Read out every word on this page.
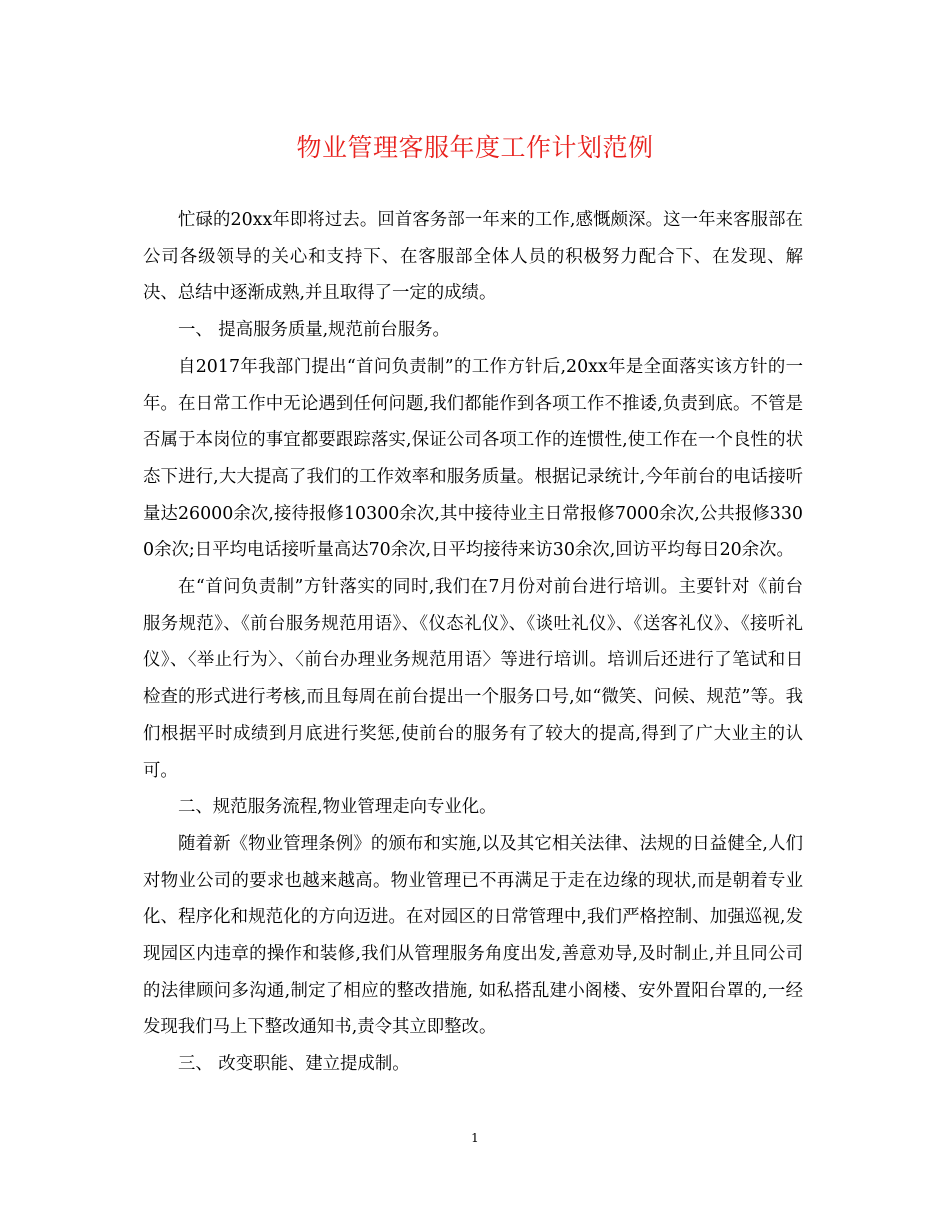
物业管理客服年度工作计划范例

忙碌的20xx年即将过去。回首客务部一年来的工作,感慨颇深。这一年来客服部在公司各级领导的关心和支持下、在客服部全体人员的积极努力配合下、在发现、解决、总结中逐渐成熟,并且取得了一定的成绩。

一、 提高服务质量,规范前台服务。

自2017年我部门提出“首问负责制”的工作方针后,20xx年是全面落实该方针的一年。在日常工作中无论遇到任何问题,我们都能作到各项工作不推诿,负责到底。不管是否属于本岗位的事宜都要跟踪落实,保证公司各项工作的连惯性,使工作在一个良性的状态下进行,大大提高了我们的工作效率和服务质量。根据记录统计,今年前台的电话接听量达26000余次,接待报修10300余次,其中接待业主日常报修7000余次,公共报修3300余次;日平均电话接听量高达70余次,日平均接待来访30余次,回访平均每日20余次。

在“首问负责制”方针落实的同时,我们在7月份对前台进行培训。主要针对《前台服务规范》、《前台服务规范用语》、《仪态礼仪》、《谈吐礼仪》、《送客礼仪》、《接听礼仪》、〈举止行为〉、〈前台办理业务规范用语〉等进行培训。培训后还进行了笔试和日检查的形式进行考核,而且每周在前台提出一个服务口号,如“微笑、问候、规范”等。我们根据平时成绩到月底进行奖惩,使前台的服务有了较大的提高,得到了广大业主的认可。

二、规范服务流程,物业管理走向专业化。

随着新《物业管理条例》的颁布和实施,以及其它相关法律、法规的日益健全,人们对物业公司的要求也越来越高。物业管理已不再满足于走在边缘的现状,而是朝着专业化、程序化和规范化的方向迈进。在对园区的日常管理中,我们严格控制、加强巡视,发现园区内违章的操作和装修,我们从管理服务角度出发,善意劝导,及时制止,并且同公司的法律顾问多沟通,制定了相应的整改措施, 如私搭乱建小阁楼、安外置阳台罩的,一经发现我们马上下整改通知书,责令其立即整改。

三、 改变职能、建立提成制。

1
